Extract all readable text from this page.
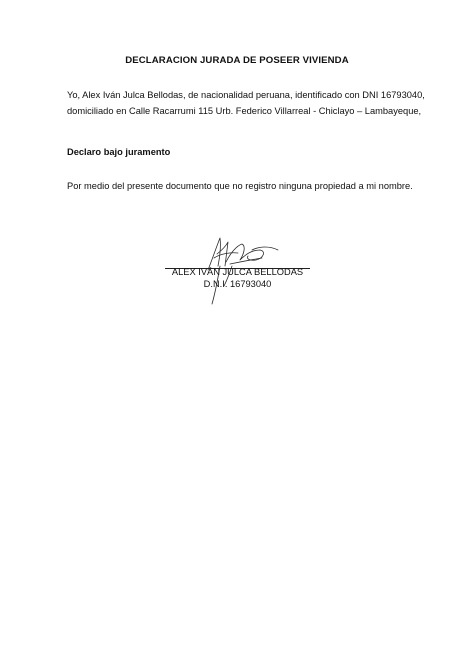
DECLARACION JURADA DE POSEER VIVIENDA
Yo, Alex Iván Julca Bellodas, de nacionalidad peruana, identificado con DNI 16793040,
domiciliado en Calle Racarrumi 115 Urb. Federico Villarreal - Chiclayo – Lambayeque,
Declaro bajo juramento
Por medio del presente documento que no registro ninguna propiedad a mi nombre.
ALEX IVÁN JULCA BELLODAS
D.N.I. 16793040
